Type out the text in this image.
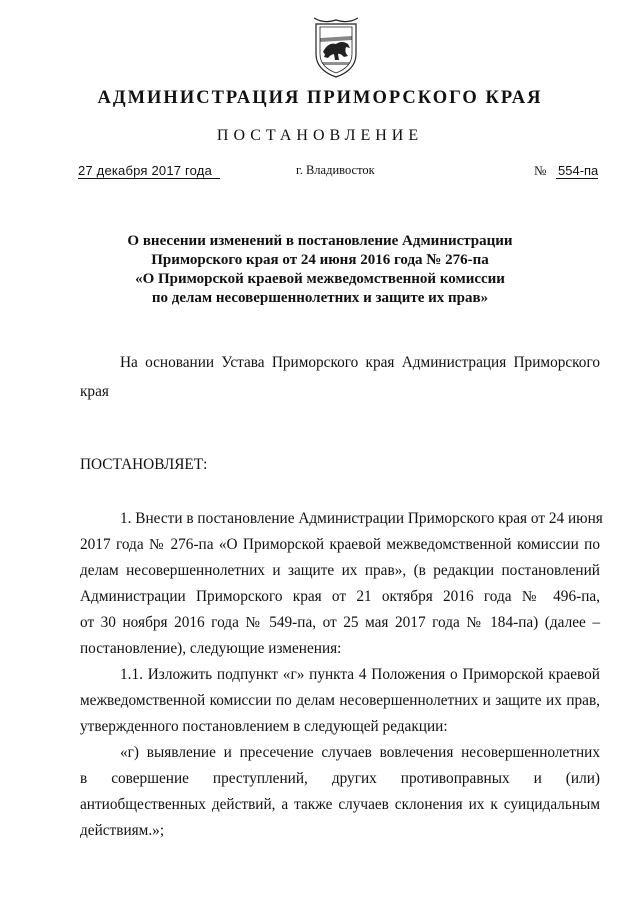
АДМИНИСТРАЦИЯ ПРИМОРСКОГО КРАЯ
ПОСТАНОВЛЕНИЕ
27 декабря 2017 года	г. Владивосток	№ 554-па
О внесении изменений в постановление Администрации
Приморского края от 24 июня 2016 года № 276-па
«О Приморской краевой межведомственной комиссии
по делам несовершеннолетних и защите их прав»
На основании Устава Приморского края Администрация Приморского
края
ПОСТАНОВЛЯЕТ:
1. Внести в постановление Администрации Приморского края от 24 июня
2017 года № 276-па «О Приморской краевой межведомственной комиссии по
делам несовершеннолетних и защите их прав», (в редакции постановлений
Администрации Приморского края от 21 октября 2016 года № 496-па,
от 30 ноября 2016 года № 549-па, от 25 мая 2017 года № 184-па) (далее –
постановление), следующие изменения:
1.1. Изложить подпункт «г» пункта 4 Положения о Приморской краевой
межведомственной комиссии по делам несовершеннолетних и защите их прав,
утвержденного постановлением в следующей редакции:
«г) выявление и пресечение случаев вовлечения несовершеннолетних
в совершение преступлений, других противоправных и (или)
антиобщественных действий, а также случаев склонения их к суицидальным
действиям.»;
